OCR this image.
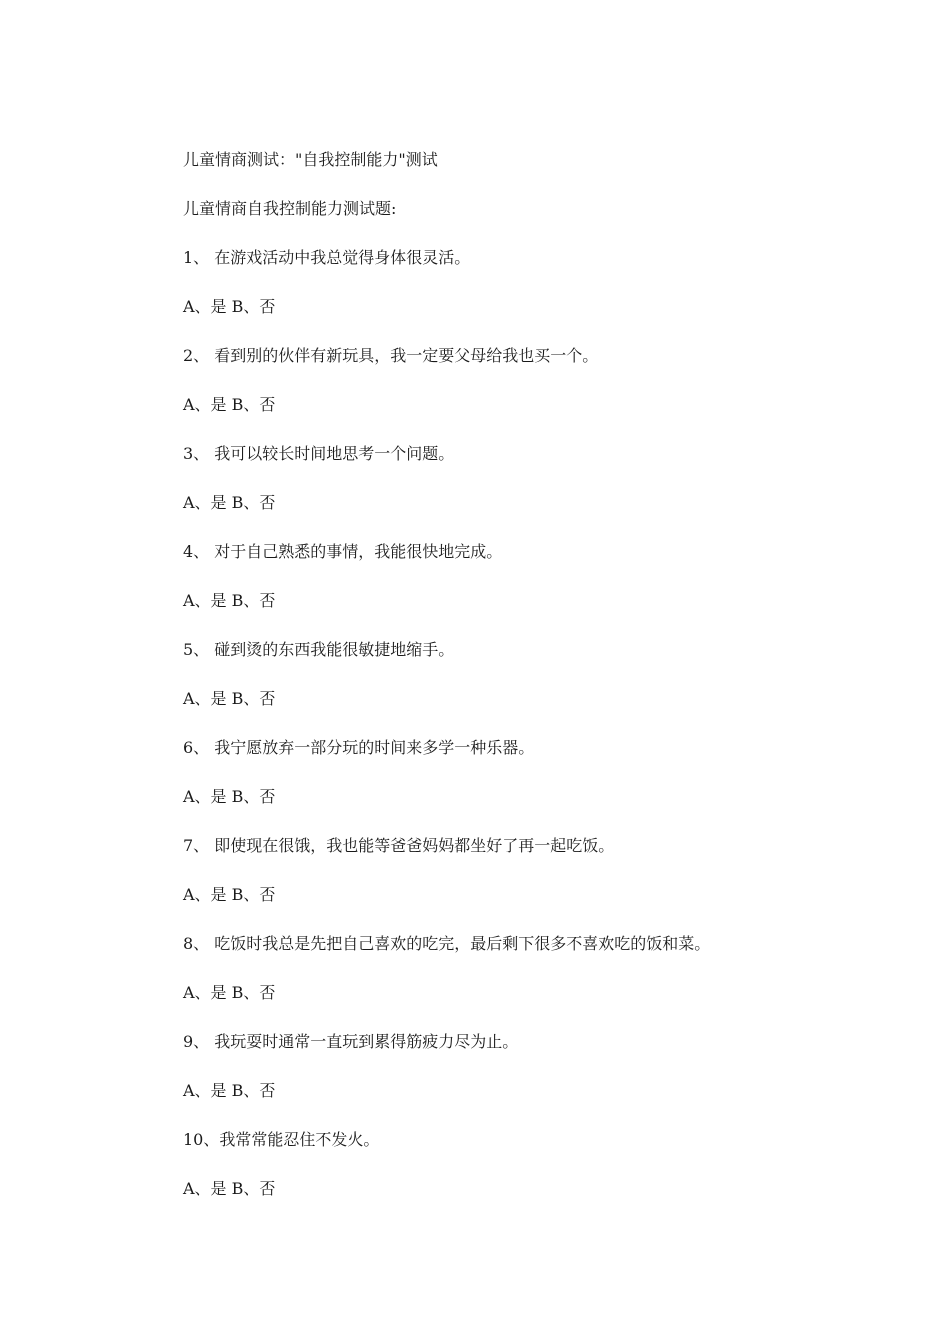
儿童情商测试："自我控制能力"测试
儿童情商自我控制能力测试题:
1、 在游戏活动中我总觉得身体很灵活。
A、是 B、否
2、 看到别的伙伴有新玩具，我一定要父母给我也买一个。
A、是 B、否
3、 我可以较长时间地思考一个问题。
A、是 B、否
4、 对于自己熟悉的事情，我能很快地完成。
A、是 B、否
5、 碰到烫的东西我能很敏捷地缩手。
A、是 B、否
6、 我宁愿放弃一部分玩的时间来多学一种乐器。
A、是 B、否
7、 即使现在很饿，我也能等爸爸妈妈都坐好了再一起吃饭。
A、是 B、否
8、 吃饭时我总是先把自己喜欢的吃完，最后剩下很多不喜欢吃的饭和菜。
A、是 B、否
9、 我玩耍时通常一直玩到累得筋疲力尽为止。
A、是 B、否
10、我常常能忍住不发火。
A、是 B、否
